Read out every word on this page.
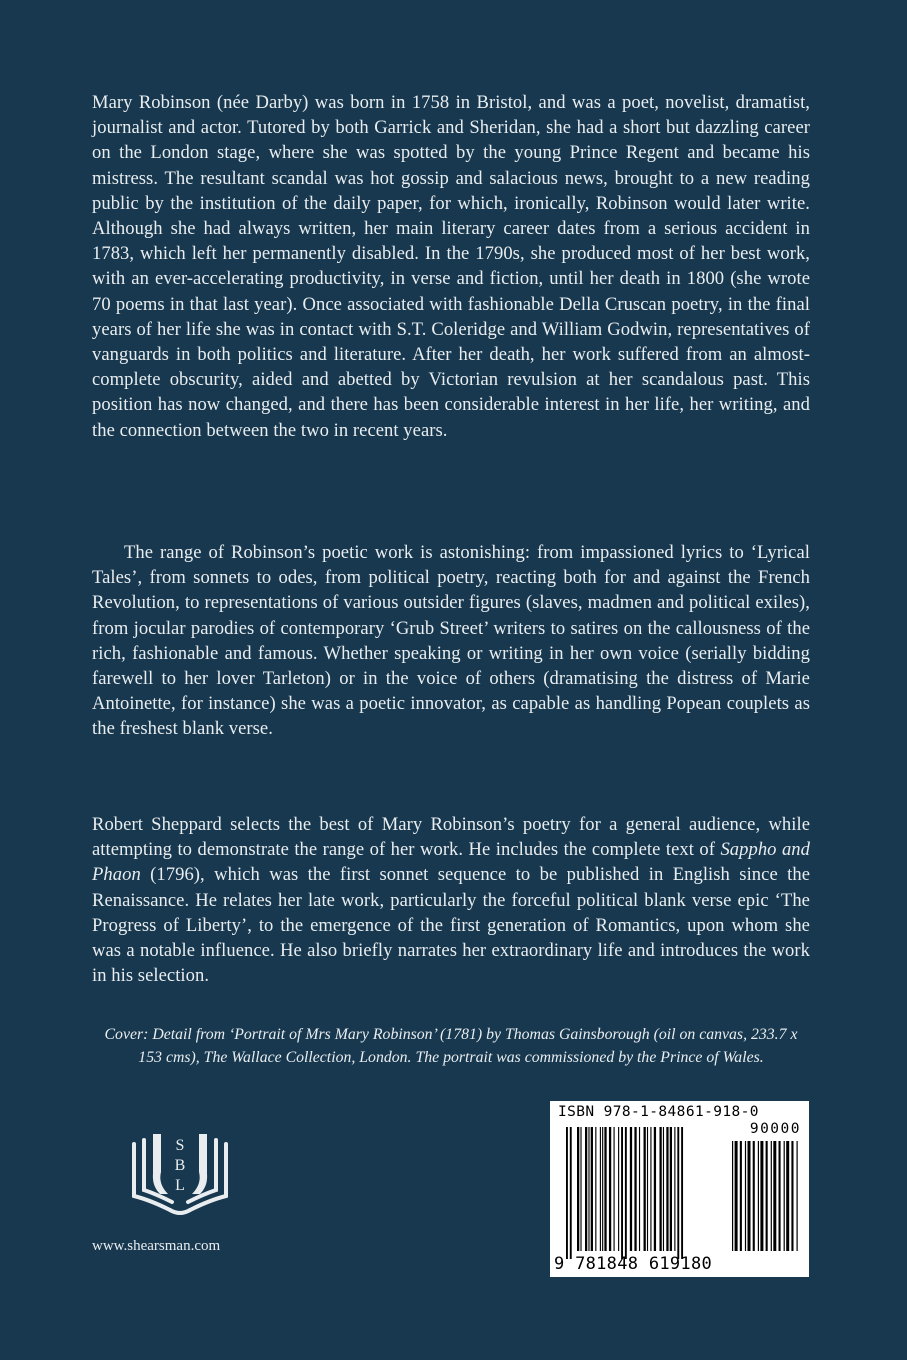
Mary Robinson (née Darby) was born in 1758 in Bristol, and was a poet, novelist, dramatist, journalist and actor. Tutored by both Garrick and Sheridan, she had a short but dazzling career on the London stage, where she was spotted by the young Prince Regent and became his mistress. The resultant scandal was hot gossip and salacious news, brought to a new reading public by the institution of the daily paper, for which, ironically, Robinson would later write. Although she had always written, her main literary career dates from a serious accident in 1783, which left her permanently disabled. In the 1790s, she produced most of her best work, with an ever-accelerating productivity, in verse and fiction, until her death in 1800 (she wrote 70 poems in that last year). Once associated with fashionable Della Cruscan poetry, in the final years of her life she was in contact with S.T. Coleridge and William Godwin, representatives of vanguards in both politics and literature. After her death, her work suffered from an almost-complete obscurity, aided and abetted by Victorian revulsion at her scandalous past. This position has now changed, and there has been considerable interest in her life, her writing, and the connection between the two in recent years.

The range of Robinson’s poetic work is astonishing: from impassioned lyrics to ‘Lyrical Tales’, from sonnets to odes, from political poetry, reacting both for and against the French Revolution, to representations of various outsider figures (slaves, madmen and political exiles), from jocular parodies of contemporary ‘Grub Street’ writers to satires on the callousness of the rich, fashionable and famous. Whether speaking or writing in her own voice (serially bidding farewell to her lover Tarleton) or in the voice of others (dramatising the distress of Marie Antoinette, for instance) she was a poetic innovator, as capable as handling Popean couplets as the freshest blank verse.

Robert Sheppard selects the best of Mary Robinson’s poetry for a general audience, while attempting to demonstrate the range of her work. He includes the complete text of Sappho and Phaon (1796), which was the first sonnet sequence to be published in English since the Renaissance. He relates her late work, particularly the forceful political blank verse epic ‘The Progress of Liberty’, to the emergence of the first generation of Romantics, upon whom she was a notable influence. He also briefly narrates her extraordinary life and introduces the work in his selection.

Cover: Detail from ‘Portrait of Mrs Mary Robinson’ (1781) by Thomas Gainsborough (oil on canvas, 233.7 x 153 cms), The Wallace Collection, London. The portrait was commissioned by the Prince of Wales.

S
B
L
www.shearsman.com
ISBN 978-1-84861-918-0
90000
9 781848 619180
